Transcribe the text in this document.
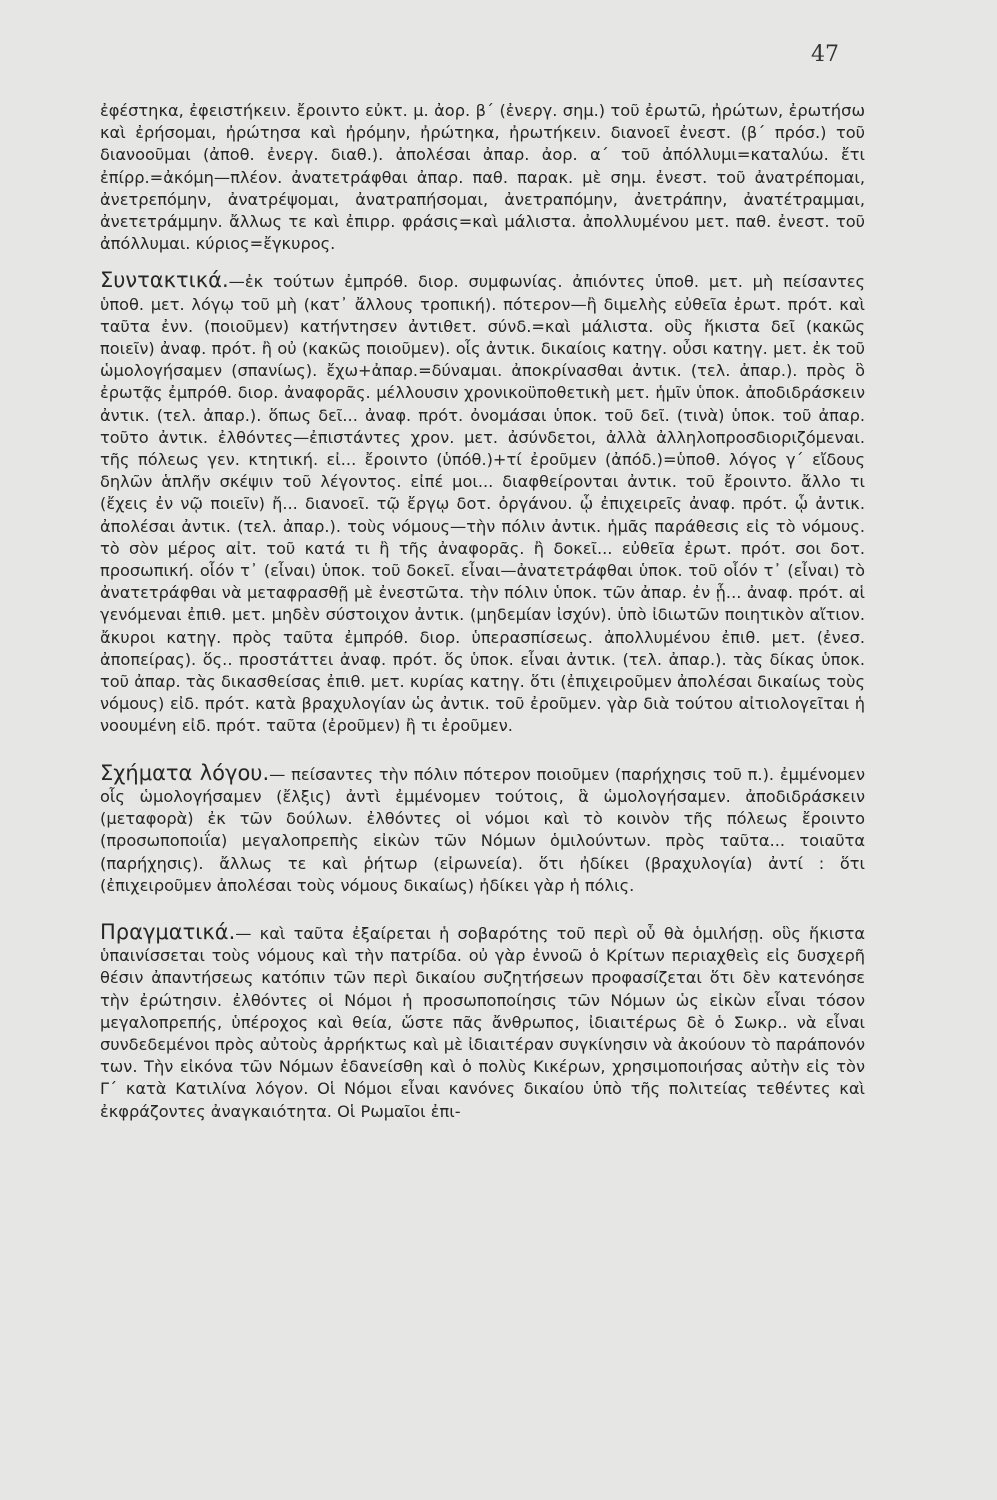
47

ἐφέστηκα, ἐφειστήκειν. ἔροιντο εὐκτ. μ. ἀορ. β΄ (ἐνεργ. σημ.) τοῦ ἐρωτῶ, ἠρώτων, ἐρωτήσω καὶ ἐρήσομαι, ἠρώτησα καὶ ἠρόμην, ἠρώτηκα, ἠρωτήκειν. διανοεῖ ἐνεστ. (β΄ πρόσ.) τοῦ διανοοῦμαι (ἀποθ. ἐνεργ. διαθ.). ἀπολέσαι ἀπαρ. ἀορ. α΄ τοῦ ἀπόλλυμι=καταλύω. ἔτι ἐπίρρ.=ἀκόμη—πλέον. ἀνατετράφθαι ἀπαρ. παθ. παρακ. μὲ σημ. ἐνεστ. τοῦ ἀνατρέπομαι, ἀνετρεπόμην, ἀνατρέψομαι, ἀνατραπήσομαι, ἀνετραπόμην, ἀνετράπην, ἀνατέτραμμαι, ἀνετετράμμην. ἄλλως τε καὶ ἐπιρρ. φράσις=καὶ μάλιστα. ἀπολλυμένου μετ. παθ. ἐνεστ. τοῦ ἀπόλλυμαι. κύριος=ἔγκυρος.

Συντακτικά.—ἐκ τούτων ἐμπρόθ. διορ. συμφωνίας. ἀπιόντες ὑποθ. μετ. μὴ πείσαντες ὑποθ. μετ. λόγῳ τοῦ μὴ (κατ᾿ ἄλλους τροπική). πότερον—ἢ διμελὴς εὐθεῖα ἐρωτ. πρότ. καὶ ταῦτα ἐνν. (ποιοῦμεν) κατήντησεν ἀντιθετ. σύνδ.=καὶ μάλιστα. οὓς ἥκιστα δεῖ (κακῶς ποιεῖν) ἀναφ. πρότ. ἢ οὐ (κακῶς ποιοῦμεν). οἷς ἀντικ. δικαίοις κατηγ. οὖσι κατηγ. μετ. ἐκ τοῦ ὡμολογήσαμεν (σπανίως). ἔχω+ἀπαρ.=δύναμαι. ἀποκρίνασθαι ἀντικ. (τελ. ἀπαρ.). πρὸς ὃ ἐρωτᾷς ἐμπρόθ. διορ. ἀναφορᾶς. μέλλουσιν χρονικοϋποθετικὴ μετ. ἡμῖν ὑποκ. ἀποδιδράσκειν ἀντικ. (τελ. ἀπαρ.). ὅπως δεῖ... ἀναφ. πρότ. ὀνομάσαι ὑποκ. τοῦ δεῖ. (τινὰ) ὑποκ. τοῦ ἀπαρ. τοῦτο ἀντικ. ἐλθόντες—ἐπιστάντες χρον. μετ. ἀσύνδετοι, ἀλλὰ ἀλληλοπροσδιοριζόμεναι. τῆς πόλεως γεν. κτητική. εἰ... ἔροιντο (ὑπόθ.)+τί ἐροῦμεν (ἀπόδ.)=ὑποθ. λόγος γ΄ εἴδους δηλῶν ἁπλῆν σκέψιν τοῦ λέγοντος. εἰπέ μοι... διαφθείρονται ἀντικ. τοῦ ἔροιντο. ἄλλο τι (ἔχεις ἐν νῷ ποιεῖν) ἤ... διανοεῖ. τῷ ἔργῳ δοτ. ὀργάνου. ᾧ ἐπιχειρεῖς ἀναφ. πρότ. ᾧ ἀντικ. ἀπολέσαι ἀντικ. (τελ. ἀπαρ.). τοὺς νόμους—τὴν πόλιν ἀντικ. ἡμᾶς παράθεσις εἰς τὸ νόμους. τὸ σὸν μέρος αἰτ. τοῦ κατά τι ἢ τῆς ἀναφορᾶς. ἢ δοκεῖ... εὐθεῖα ἐρωτ. πρότ. σοι δοτ. προσωπική. οἷόν τ᾿ (εἶναι) ὑποκ. τοῦ δοκεῖ. εἶναι—ἀνατετράφθαι ὑποκ. τοῦ οἷόν τ᾿ (εἶναι) τὸ ἀνατετράφθαι νὰ μεταφρασθῇ μὲ ἐνεστῶτα. τὴν πόλιν ὑποκ. τῶν ἀπαρ. ἐν ᾗ... ἀναφ. πρότ. αἱ γενόμεναι ἐπιθ. μετ. μηδὲν σύστοιχον ἀντικ. (μηδεμίαν ἰσχύν). ὑπὸ ἰδιωτῶν ποιητικὸν αἴτιον. ἄκυροι κατηγ. πρὸς ταῦτα ἐμπρόθ. διορ. ὑπερασπίσεως. ἀπολλυμένου ἐπιθ. μετ. (ἐνεσ. ἀποπείρας). ὅς.. προστάττει ἀναφ. πρότ. ὅς ὑποκ. εἶναι ἀντικ. (τελ. ἀπαρ.). τὰς δίκας ὑποκ. τοῦ ἀπαρ. τὰς δικασθείσας ἐπιθ. μετ. κυρίας κατηγ. ὅτι (ἐπιχειροῦμεν ἀπολέσαι δικαίως τοὺς νόμους) εἰδ. πρότ. κατὰ βραχυλογίαν ὡς ἀντικ. τοῦ ἐροῦμεν. γὰρ διὰ τούτου αἰτιολογεῖται ἡ νοουμένη εἰδ. πρότ. ταῦτα (ἐροῦμεν) ἢ τι ἐροῦμεν.

Σχήματα λόγου.— πείσαντες τὴν πόλιν πότερον ποιοῦμεν (παρήχησις τοῦ π.). ἐμμένομεν οἷς ὡμολογήσαμεν (ἔλξις) ἀντὶ ἐμμένομεν τούτοις, ἃ ὡμολογήσαμεν. ἀποδιδράσκειν (μεταφορὰ) ἐκ τῶν δούλων. ἐλθόντες οἱ νόμοι καὶ τὸ κοινὸν τῆς πόλεως ἔροιντο (προσωποποιΐα) μεγαλοπρεπὴς εἰκὼν τῶν Νόμων ὁμιλούντων. πρὸς ταῦτα... τοιαῦτα (παρήχησις). ἄλλως τε καὶ ῥήτωρ (εἰρωνεία). ὅτι ἠδίκει (βραχυλογία) ἀντί : ὅτι (ἐπιχειροῦμεν ἀπολέσαι τοὺς νόμους δικαίως) ἠδίκει γὰρ ἡ πόλις.

Πραγματικά.— καὶ ταῦτα ἐξαίρεται ἡ σοβαρότης τοῦ περὶ οὗ θὰ ὁμιλήσῃ. οὓς ἥκιστα ὑπαινίσσεται τοὺς νόμους καὶ τὴν πατρίδα. οὐ γὰρ ἐννοῶ ὁ Κρίτων περιαχθεὶς εἰς δυσχερῆ θέσιν ἀπαντήσεως κατόπιν τῶν περὶ δικαίου συζητήσεων προφασίζεται ὅτι δὲν κατενόησε τὴν ἐρώτησιν. ἐλθόντες οἱ Νόμοι ἡ προσωποποίησις τῶν Νόμων ὡς εἰκὼν εἶναι τόσον μεγαλοπρεπής, ὑπέροχος καὶ θεία, ὥστε πᾶς ἄνθρωπος, ἰδιαιτέρως δὲ ὁ Σωκρ.. νὰ εἶναι συνδεδεμένοι πρὸς αὐτοὺς ἀρρήκτως καὶ μὲ ἰδιαιτέραν συγκίνησιν νὰ ἀκούουν τὸ παράπονόν των. Τὴν εἰκόνα τῶν Νόμων ἐδανείσθη καὶ ὁ πολὺς Κικέρων, χρησιμοποιήσας αὐτὴν εἰς τὸν Γ΄ κατὰ Κατιλίνα λόγον. Οἱ Νόμοι εἶναι κανόνες δικαίου ὑπὸ τῆς πολιτείας τεθέντες καὶ ἐκφράζοντες ἀναγκαιότητα. Οἱ Ρωμαῖοι ἐπι-
